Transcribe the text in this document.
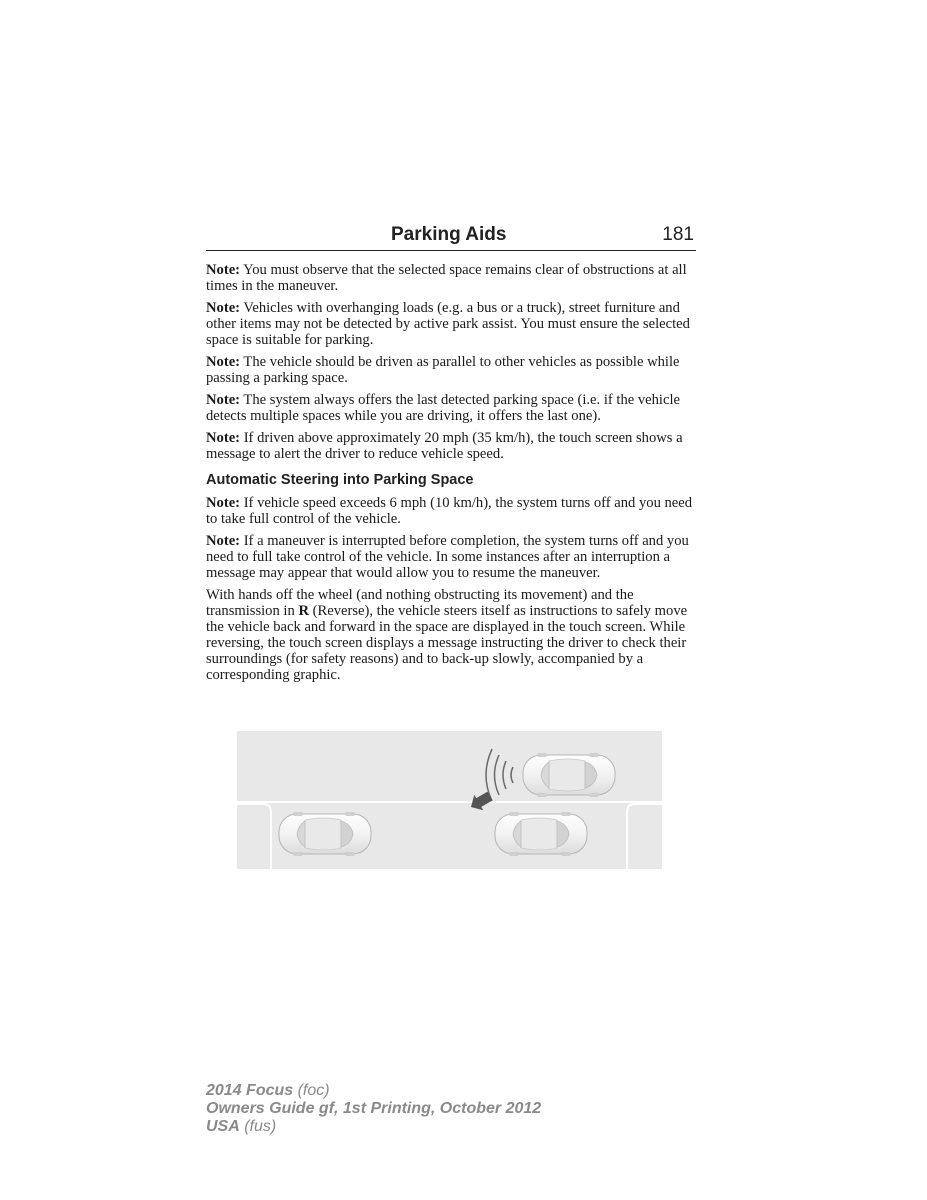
Parking Aids	181

Note: You must observe that the selected space remains clear of obstructions at all times in the maneuver.

Note: Vehicles with overhanging loads (e.g. a bus or a truck), street furniture and other items may not be detected by active park assist. You must ensure the selected space is suitable for parking.

Note: The vehicle should be driven as parallel to other vehicles as possible while passing a parking space.

Note: The system always offers the last detected parking space (i.e. if the vehicle detects multiple spaces while you are driving, it offers the last one).

Note: If driven above approximately 20 mph (35 km/h), the touch screen shows a message to alert the driver to reduce vehicle speed.

Automatic Steering into Parking Space

Note: If vehicle speed exceeds 6 mph (10 km/h), the system turns off and you need to take full control of the vehicle.

Note: If a maneuver is interrupted before completion, the system turns off and you need to full take control of the vehicle. In some instances after an interruption a message may appear that would allow you to resume the maneuver.

With hands off the wheel (and nothing obstructing its movement) and the transmission in R (Reverse), the vehicle steers itself as instructions to safely move the vehicle back and forward in the space are displayed in the touch screen. While reversing, the touch screen displays a message instructing the driver to check their surroundings (for safety reasons) and to back-up slowly, accompanied by a corresponding graphic.

2014 Focus (foc)
Owners Guide gf, 1st Printing, October 2012
USA (fus)
